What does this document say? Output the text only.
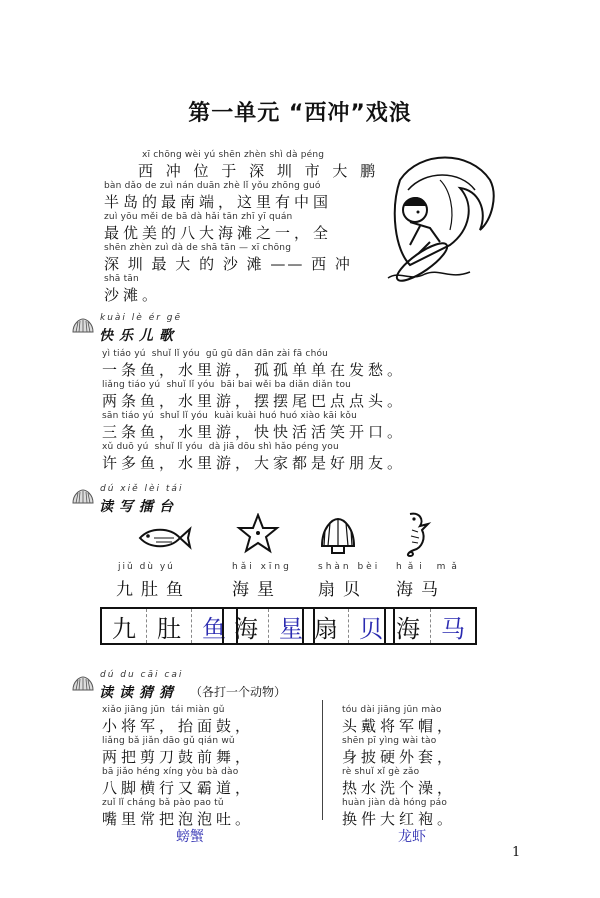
第一单元 “西冲”戏浪
xī chōng wèi yú shēn zhèn shì dà péng
西 冲 位 于 深 圳 市 大 鹏
bàn dǎo de zuì nán duān zhè lǐ yǒu zhōng guó
半岛的最南端，这里有中国
zuì yōu měi de bā dà hǎi tān zhī yī quán
最优美的八大海滩之一，全
shēn zhèn zuì dà de shā tān — xī chōng
深 圳 最 大 的 沙 滩 —— 西 冲
shā tān
沙滩。
kuài lè ér gē
快乐儿歌
yì tiáo yú  shuǐ lǐ yóu  gū gū dān dān zài fā chóu
一条鱼，水里游，孤孤单单在发愁。
liǎng tiáo yú  shuǐ lǐ yóu  bāi bai wěi ba diǎn diǎn tou
两条鱼，水里游，摆摆尾巴点点头。
sān tiáo yú  shuǐ lǐ yóu  kuài kuài huó huó xiào kāi kǒu
三条鱼，水里游，快快活活笑开口。
xǔ duō yú  shuǐ lǐ yóu  dà jiā dōu shì hǎo péng you
许多鱼，水里游，大家都是好朋友。
dú xiě lèi tái
读写擂台
jiǔ dù yú	hǎi xīng	shàn bèi hǎi mǎ
九肚鱼 海星 扇贝 海马
九 肚 鱼 海 星 扇 贝 海 马
dú du cāi cai
读读猜猜 （各打一个动物）
xiǎo jiāng jūn  tái miàn gǔ
小将军，抬面鼓，
liǎng bǎ jiǎn dāo gǔ qián wǔ
两把剪刀鼓前舞，
bā jiǎo héng xíng yòu bà dào
八脚横行又霸道，
zuǐ lǐ cháng bǎ pào pao tǔ
嘴里常把泡泡吐。
螃蟹
tóu dài jiāng jūn mào
头戴将军帽，
shēn pī yìng wài tào
身披硬外套，
rè shuǐ xǐ gè zǎo
热水洗个澡，
huàn jiàn dà hóng páo
换件大红袍。
龙虾
1
